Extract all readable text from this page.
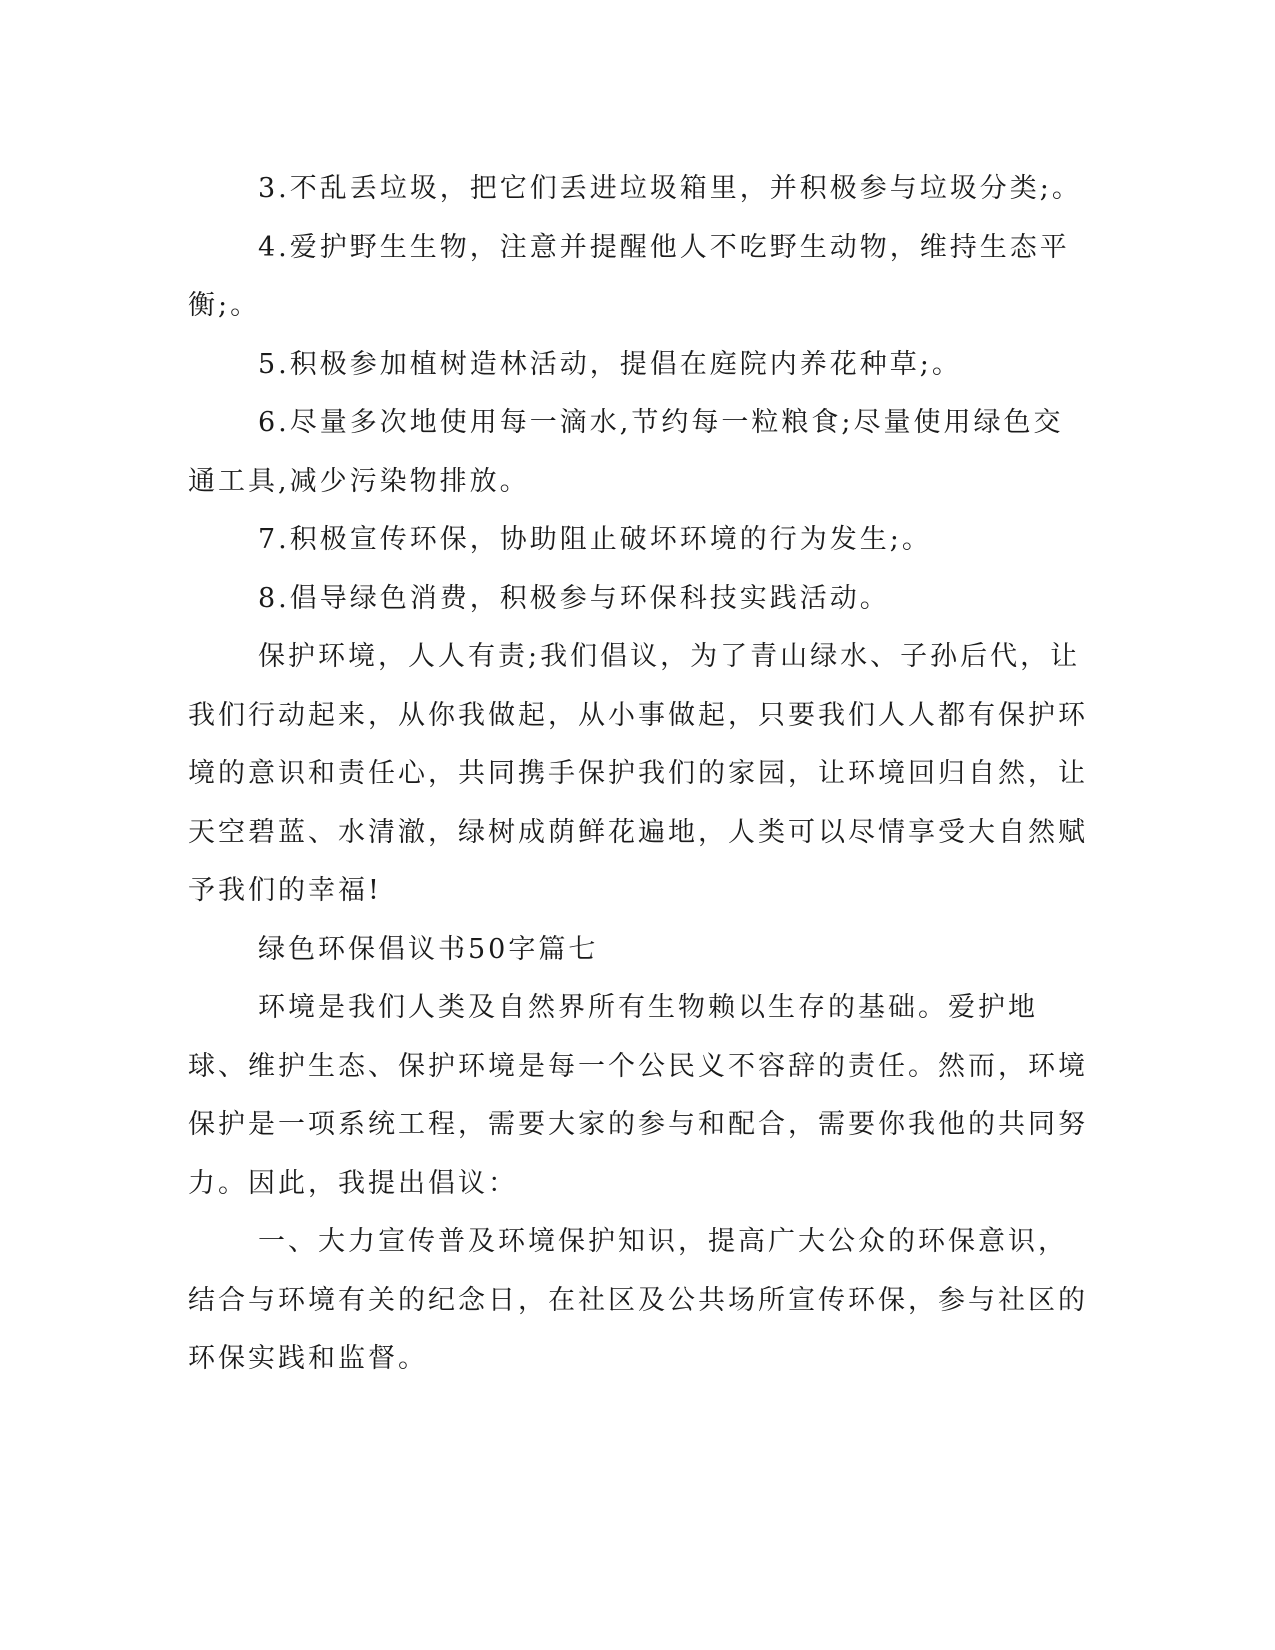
3.不乱丢垃圾，把它们丢进垃圾箱里，并积极参与垃圾分类;。

4.爱护野生生物，注意并提醒他人不吃野生动物，维持生态平衡;。

5.积极参加植树造林活动，提倡在庭院内养花种草;。

6.尽量多次地使用每一滴水,节约每一粒粮食;尽量使用绿色交通工具,减少污染物排放。

7.积极宣传环保，协助阻止破坏环境的行为发生;。

8.倡导绿色消费，积极参与环保科技实践活动。

保护环境，人人有责;我们倡议，为了青山绿水、子孙后代，让我们行动起来，从你我做起，从小事做起，只要我们人人都有保护环境的意识和责任心，共同携手保护我们的家园，让环境回归自然，让天空碧蓝、水清澈，绿树成荫鲜花遍地，人类可以尽情享受大自然赋予我们的幸福!

绿色环保倡议书50字篇七

环境是我们人类及自然界所有生物赖以生存的基础。爱护地球、维护生态、保护环境是每一个公民义不容辞的责任。然而，环境保护是一项系统工程，需要大家的参与和配合，需要你我他的共同努力。因此，我提出倡议：

一、大力宣传普及环境保护知识，提高广大公众的环保意识，结合与环境有关的纪念日，在社区及公共场所宣传环保，参与社区的环保实践和监督。
